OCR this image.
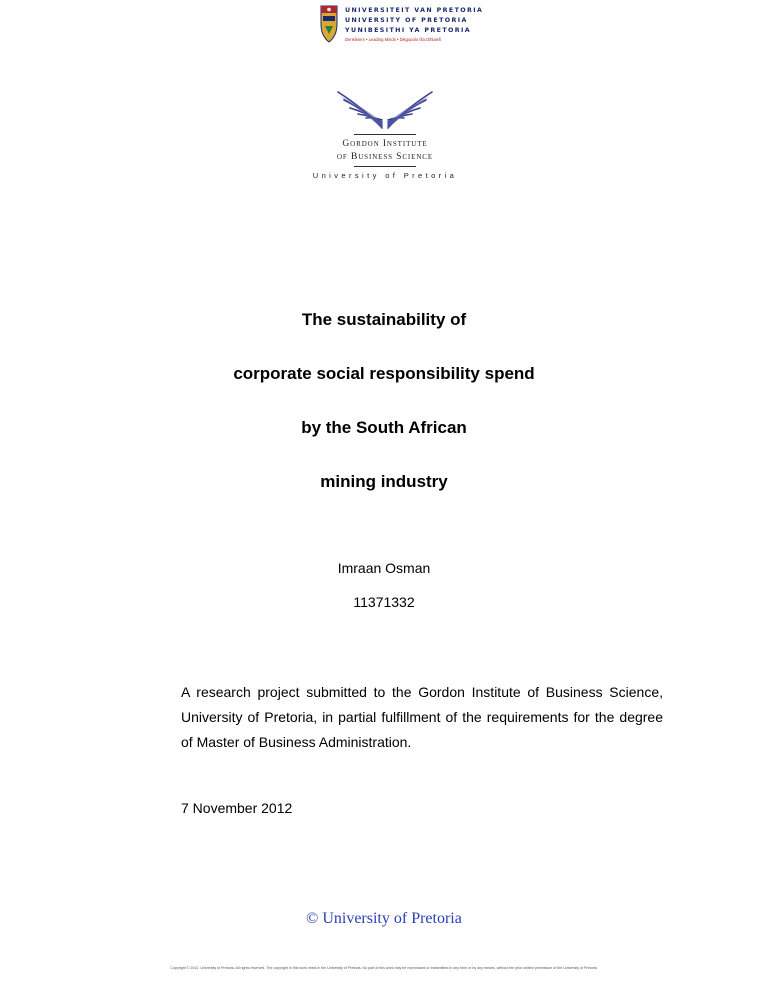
UNIVERSITEIT VAN PRETORIA
UNIVERSITY OF PRETORIA
YUNIBESITHI YA PRETORIA
Denkleiers • Leading Minds • Dikgopolo tša Dihlalefi
Gordon Institute
of Business Science
University of Pretoria
The sustainability of
corporate social responsibility spend
by the South African
mining industry
Imraan Osman
11371332
A research project submitted to the Gordon Institute of Business Science, University of Pretoria, in partial fulfillment of the requirements for the degree of Master of Business Administration.
7 November 2012
© University of Pretoria
Copyright © 2012, University of Pretoria. All rights reserved. The copyright in this work vests in the University of Pretoria. No part of this work may be reproduced or transmitted in any form or by any means, without the prior written permission of the University of Pretoria.
